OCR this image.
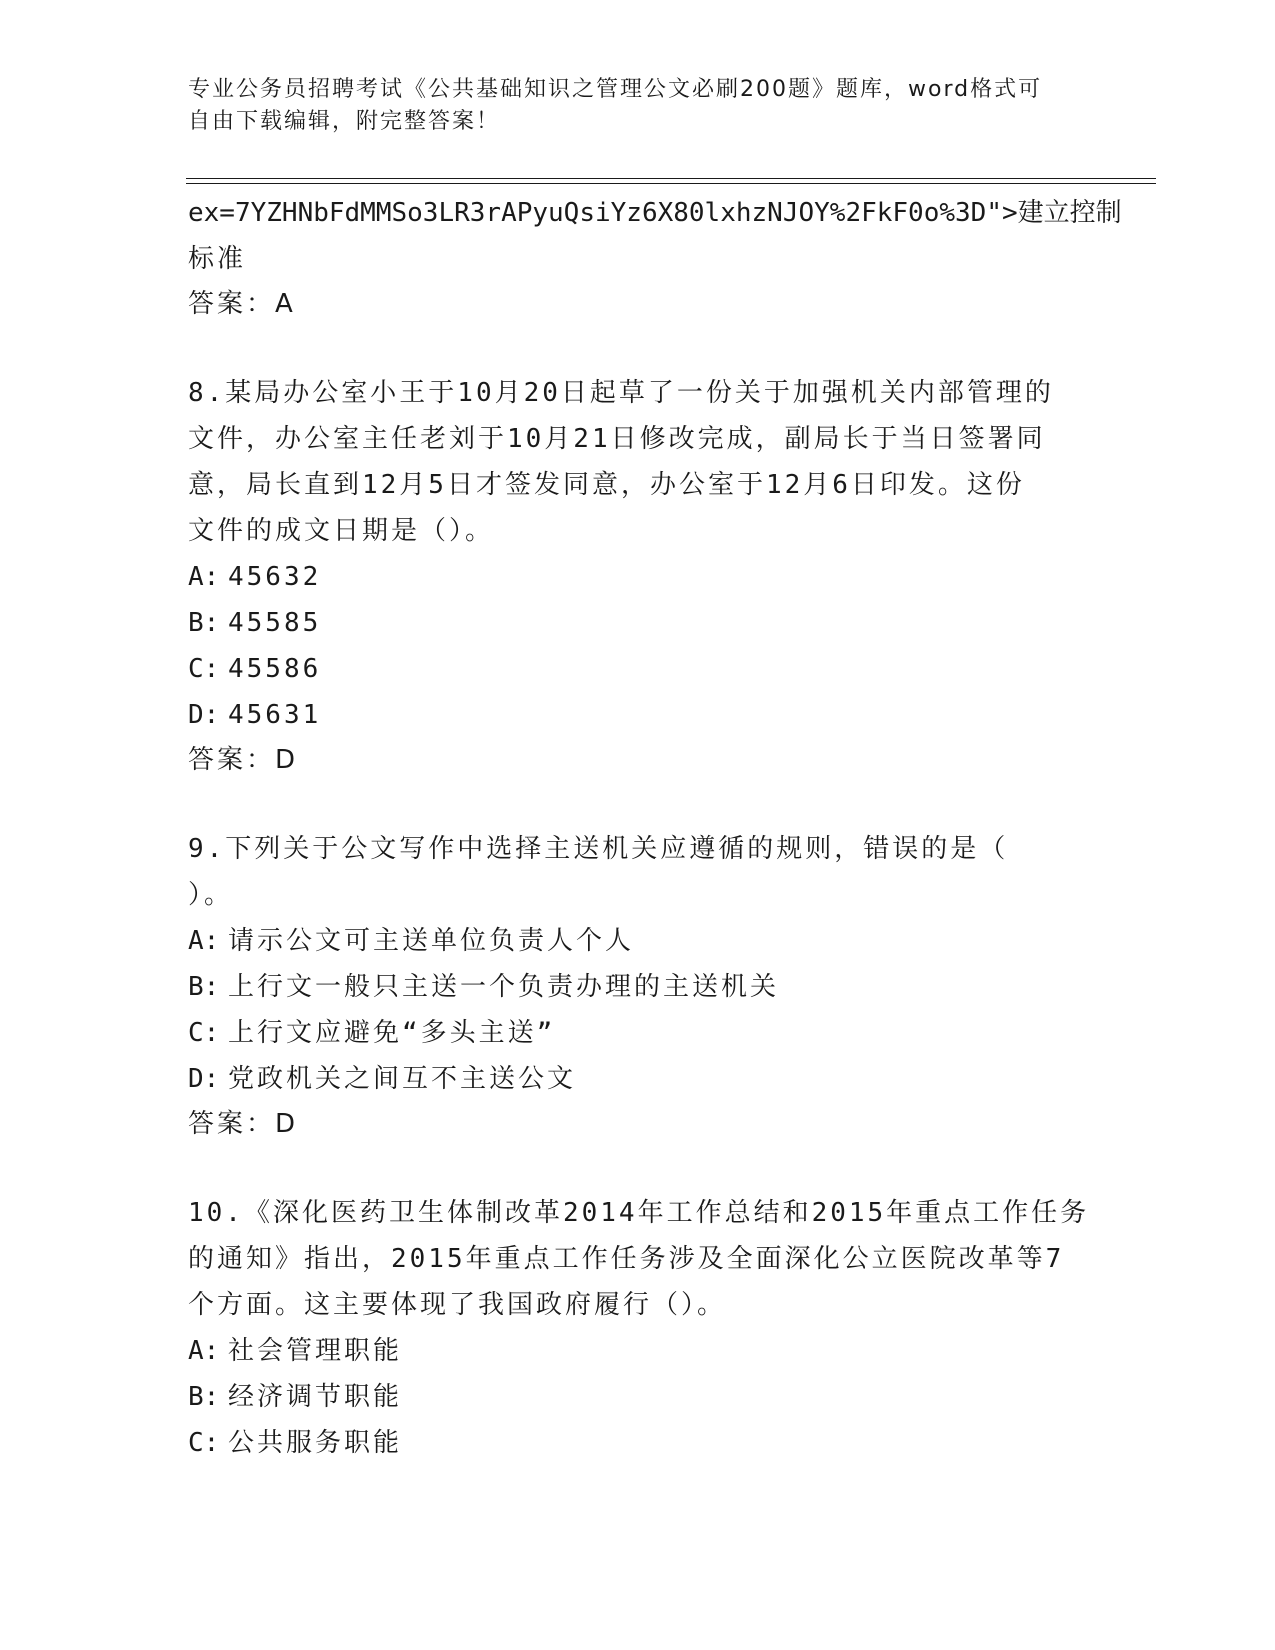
专业公务员招聘考试《公共基础知识之管理公文必刷200题》题库，word格式可
自由下载编辑，附完整答案！
ex=7YZHNbFdMMSo3LR3rAPyuQsiYz6X80lxhzNJOY%2FkF0o%3D">建立控制
标准
答案：A
8.某局办公室小王于10月20日起草了一份关于加强机关内部管理的
文件，办公室主任老刘于10月21日修改完成，副局长于当日签署同
意，局长直到12月5日才签发同意，办公室于12月6日印发。这份
文件的成文日期是（）。
A: 45632
B: 45585
C: 45586
D: 45631
答案：D
9.下列关于公文写作中选择主送机关应遵循的规则，错误的是（
）。
A: 请示公文可主送单位负责人个人
B: 上行文一般只主送一个负责办理的主送机关
C: 上行文应避免“多头主送”
D: 党政机关之间互不主送公文
答案：D
10.《深化医药卫生体制改革2014年工作总结和2015年重点工作任务
的通知》指出，2015年重点工作任务涉及全面深化公立医院改革等7
个方面。这主要体现了我国政府履行（）。
A: 社会管理职能
B: 经济调节职能
C: 公共服务职能
